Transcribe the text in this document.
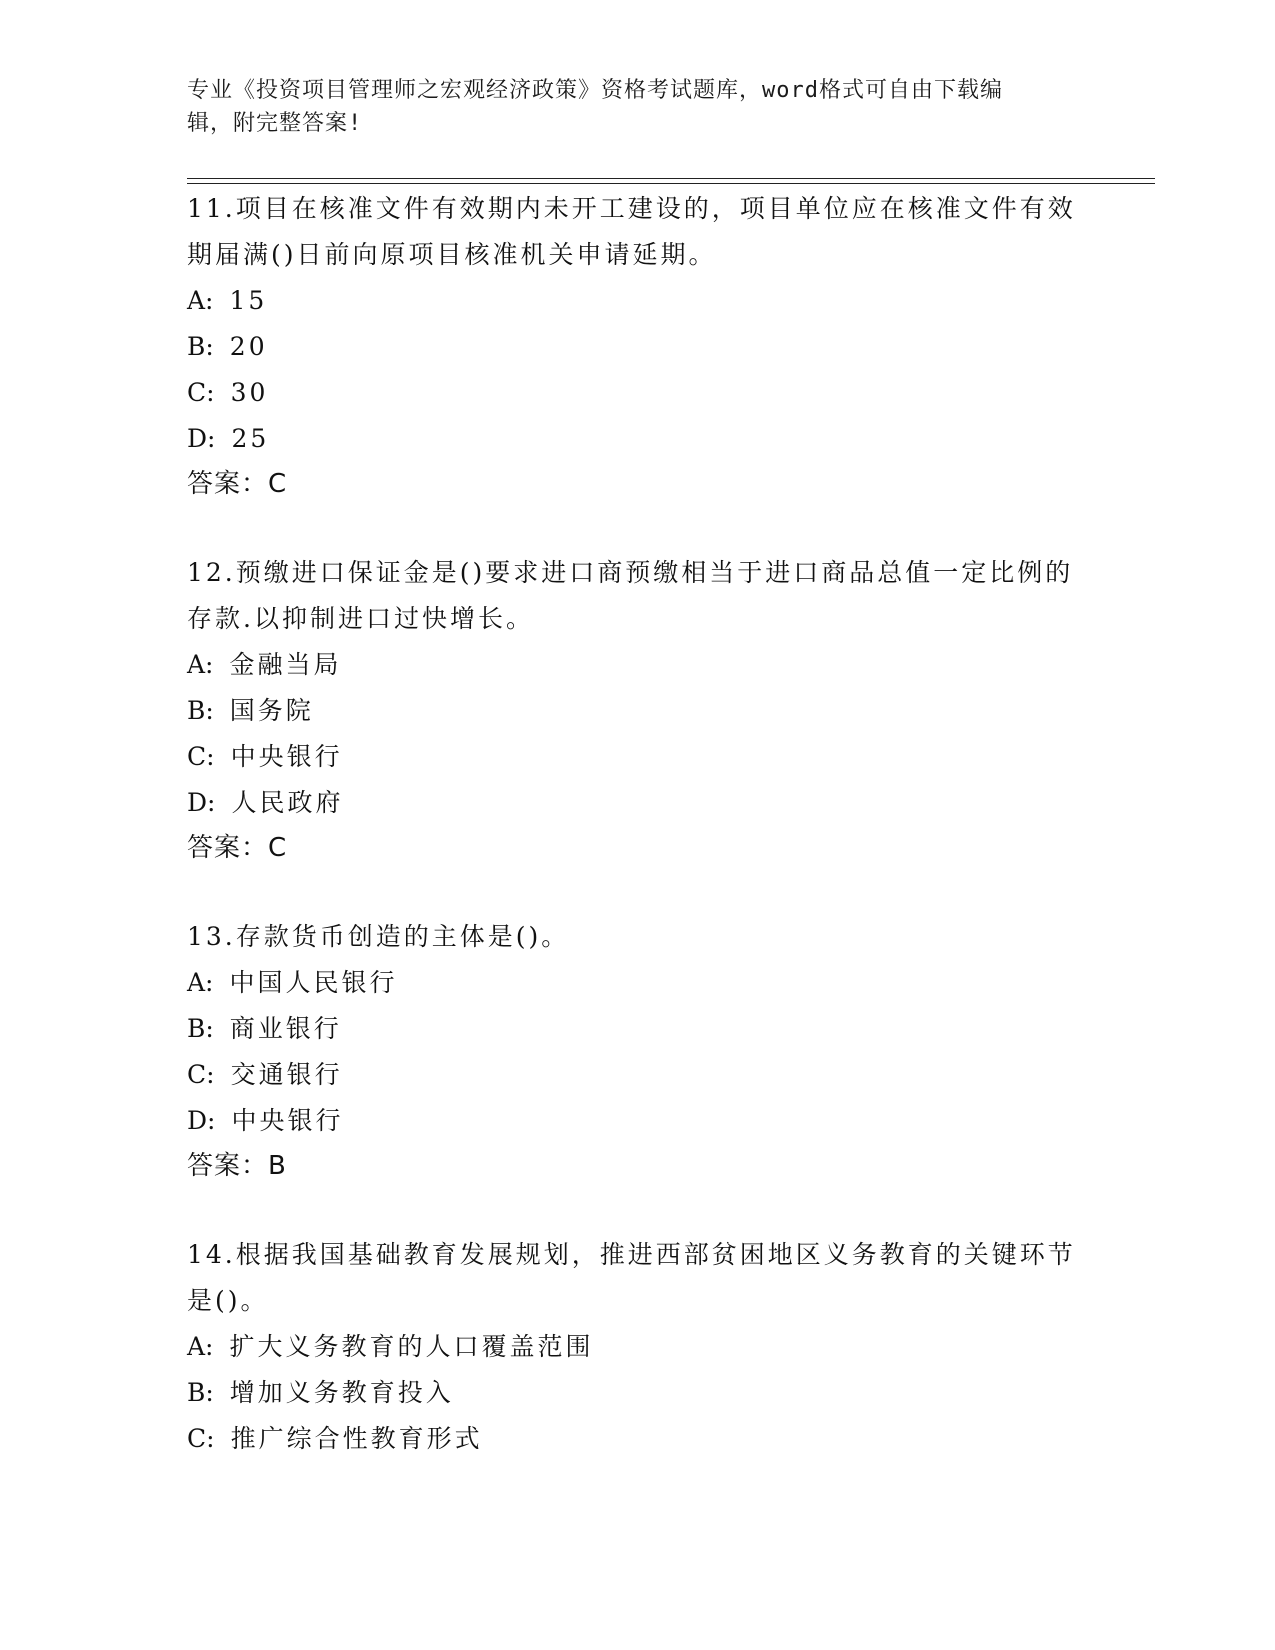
专业《投资项目管理师之宏观经济政策》资格考试题库，word格式可自由下载编
辑，附完整答案!

11.项目在核准文件有效期内未开工建设的，项目单位应在核准文件有效期届满()日前向原项目核准机关申请延期。

A: 15
B: 20
C: 30
D: 25

答案：C

12.预缴进口保证金是()要求进口商预缴相当于进口商品总值一定比例的存款.以抑制进口过快增长。

A: 金融当局
B: 国务院
C: 中央银行
D: 人民政府

答案：C

13.存款货币创造的主体是()。

A: 中国人民银行
B: 商业银行
C: 交通银行
D: 中央银行

答案：B

14.根据我国基础教育发展规划，推进西部贫困地区义务教育的关键环节是()。

A: 扩大义务教育的人口覆盖范围
B: 增加义务教育投入
C: 推广综合性教育形式
